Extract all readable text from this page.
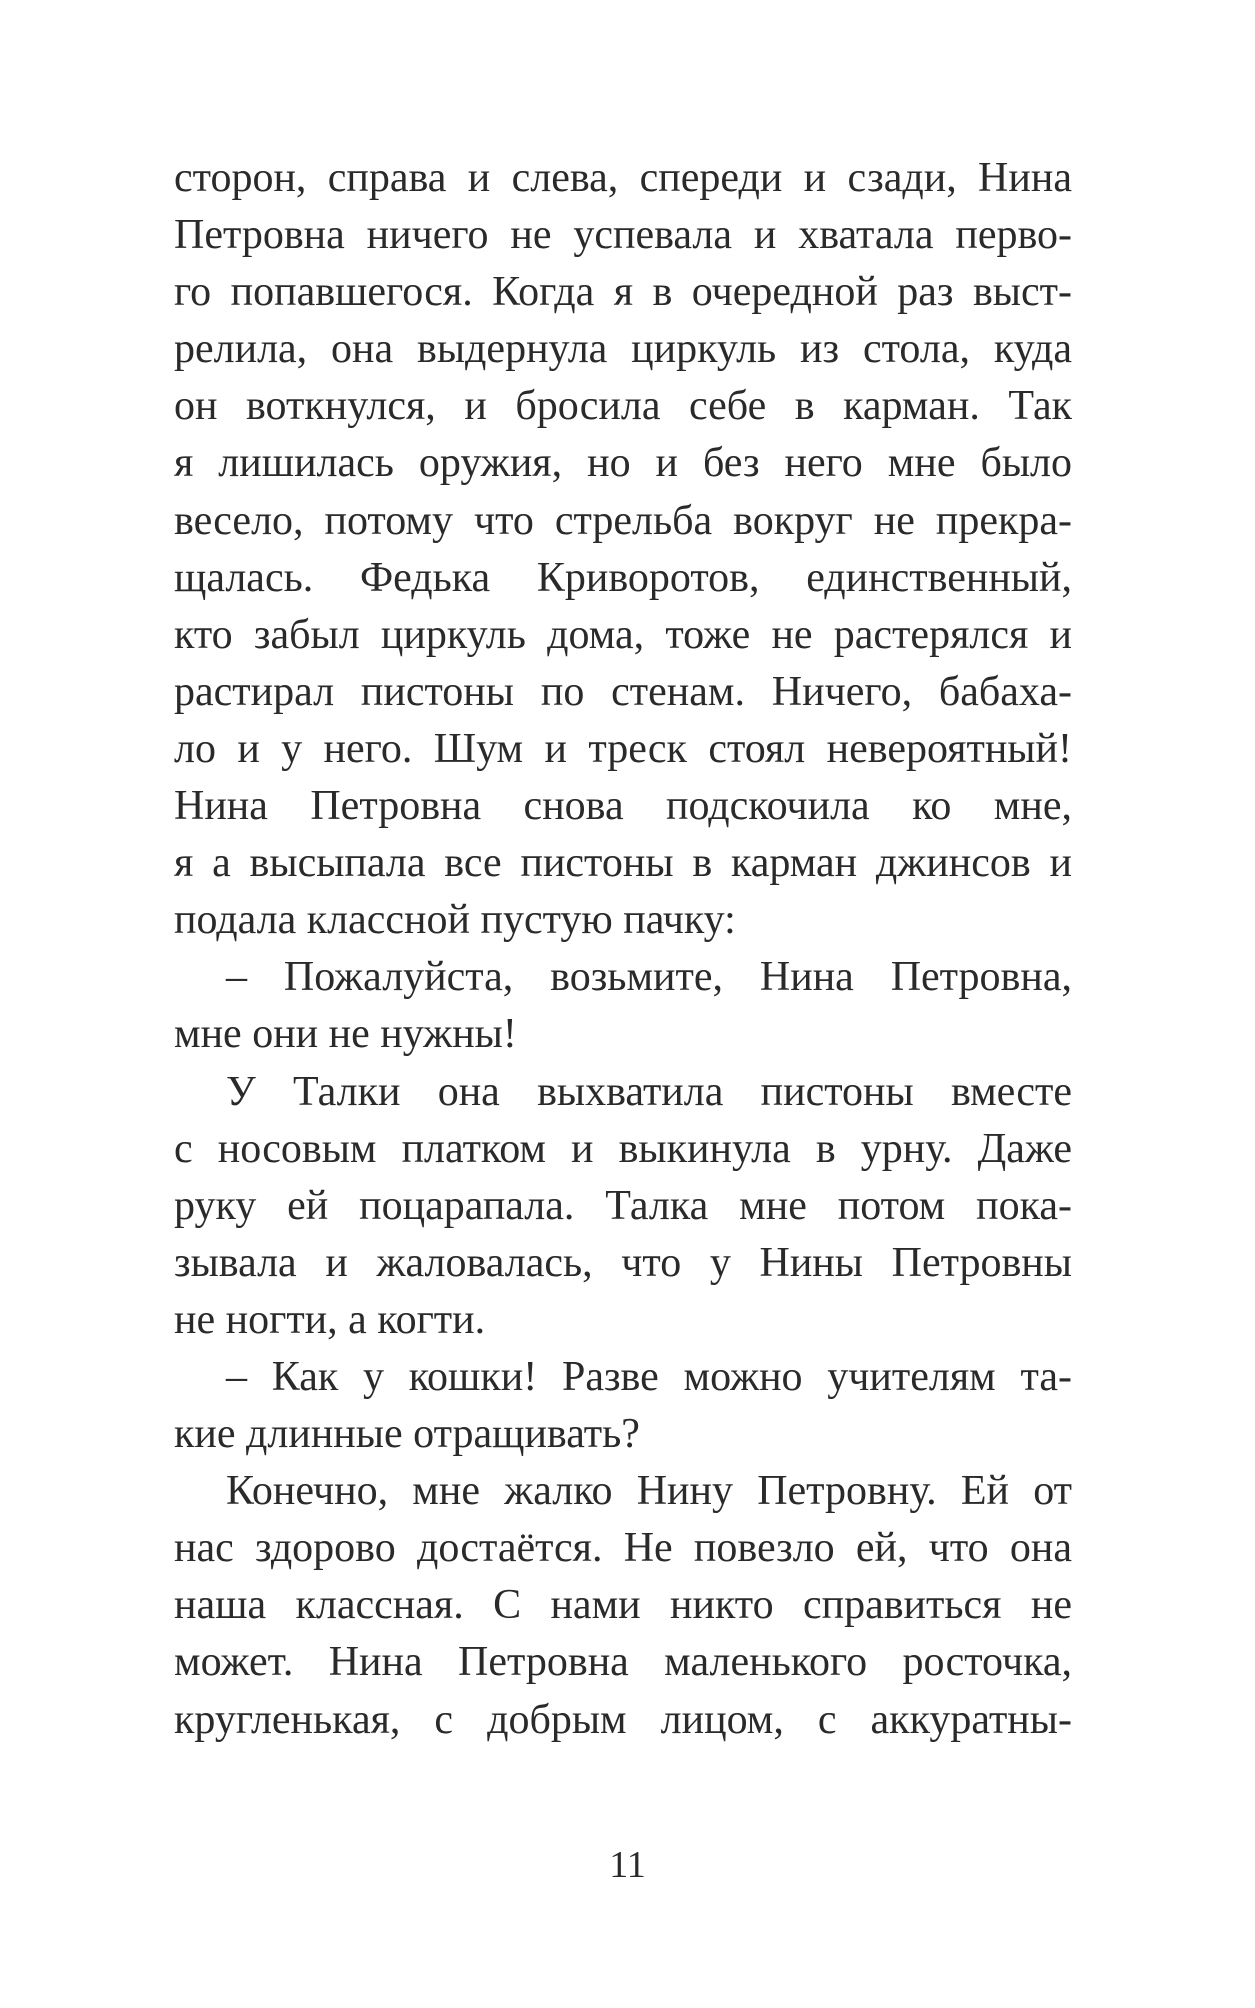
сторон, справа и слева, спереди и сзади, Нина
Петровна ничего не успевала и хватала перво-
го попавшегося. Когда я в очередной раз выст-
релила, она выдернула циркуль из стола, куда
он воткнулся, и бросила себе в карман. Так
я лишилась оружия, но и без него мне было
весело, потому что стрельба вокруг не прекра-
щалась. Федька Криворотов, единственный,
кто забыл циркуль дома, тоже не растерялся и
растирал пистоны по стенам. Ничего, бабаха-
ло и у него. Шум и треск стоял невероятный!
Нина Петровна снова подскочила ко мне,
я а высыпала все пистоны в карман джинсов и
подала классной пустую пачку:
– Пожалуйста, возьмите, Нина Петровна,
мне они не нужны!
У Талки она выхватила пистоны вместе
с носовым платком и выкинула в урну. Даже
руку ей поцарапала. Талка мне потом пока-
зывала и жаловалась, что у Нины Петровны
не ногти, а когти.
– Как у кошки! Разве можно учителям та-
кие длинные отращивать?
Конечно, мне жалко Нину Петровну. Ей от
нас здорово достаётся. Не повезло ей, что она
наша классная. С нами никто справиться не
может. Нина Петровна маленького росточка,
кругленькая, с добрым лицом, с аккуратны-
11
